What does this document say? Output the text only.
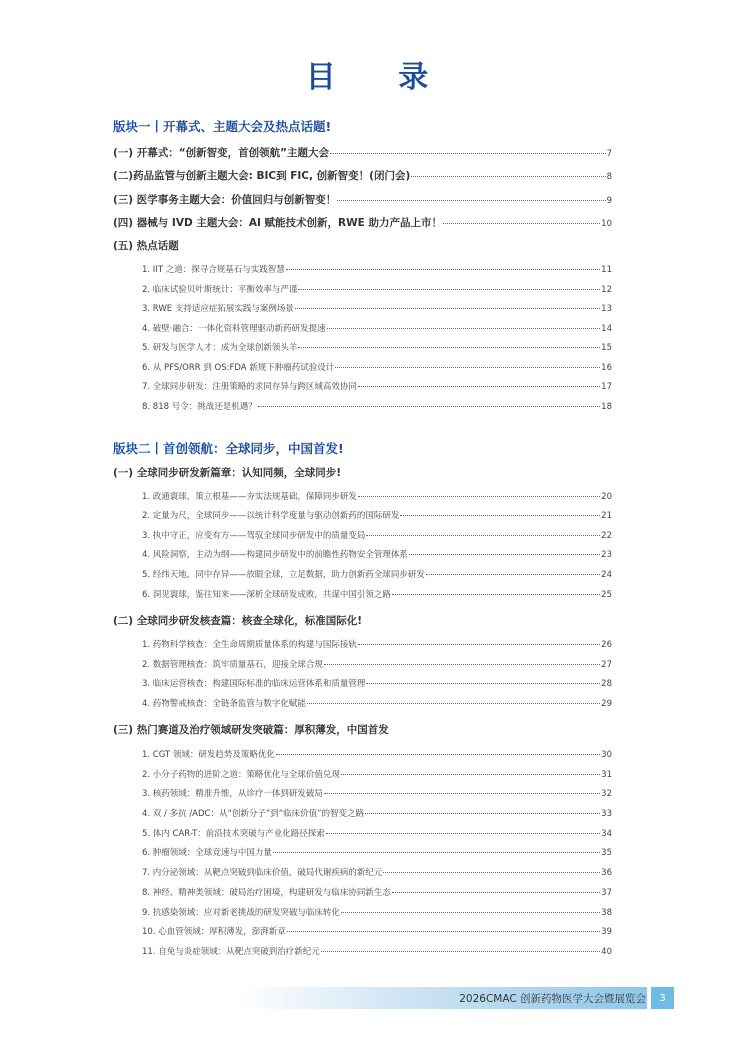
目 录
版块一丨开幕式、主题大会及热点话题!
(一) 开幕式：“创新智变，首创领航”主题大会	7
(二)药品监管与创新主题大会: BIC到 FIC, 创新智变！(闭门会)	8
(三) 医学事务主题大会：价值回归与创新智变！	9
(四) 器械与 IVD 主题大会：AI 赋能技术创新，RWE 助力产品上市！	10
(五) 热点话题
1. IIT 之道：探寻合规基石与实践智慧	11
2. 临床试验贝叶斯统计：平衡效率与严谨	12
3. RWE 支持适应症拓展实践与案例场景	13
4. 破壁·融合：一体化资料管理驱动新药研发提速	14
5. 研发与医学人才：成为全球创新领头羊	15
6. 从 PFS/ORR 到 OS:FDA 新规下肿瘤药试验设计	16
7. 全球同步研发：注册策略的求同存异与跨区域高效协同	17
8. 818 号令：挑战还是机遇？	18
版块二丨首创领航：全球同步，中国首发!
(一) 全球同步研发新篇章：认知同频，全球同步!
1. 政通寰球，策立根基——夯实法规基础，保障同步研发	20
2. 定量为尺，全球同步——以统计科学度量与驱动创新药的国际研发	21
3. 执中守正，应变有方——驾驭全球同步研发中的质量变局	22
4. 风险洞察，主动为纲——构建同步研发中的前瞻性药物安全管理体系	23
5. 经纬天地，同中存异——放眼全球，立足数据，助力创新药全球同步研发	24
6. 洞见寰球，鉴往知来——深析全球研发成败，共谋中国引领之路	25
(二) 全球同步研发核查篇：核查全球化，标准国际化!
1. 药物科学核查：全生命周期质量体系的构建与国际接轨	26
2. 数据管理核查：筑牢质量基石，迎接全球合规	27
3. 临床运营核查：构建国际标准的临床运营体系和质量管理	28
4. 药物警戒核查：全链条监管与数字化赋能	29
(三) 热门赛道及治疗领域研发突破篇：厚积薄发，中国首发
1. CGT 领域：研发趋势及策略优化	30
2. 小分子药物的进阶之道：策略优化与全球价值兑现	31
3. 核药领域：精准升维，从诊疗一体到研发破局	32
4. 双 / 多抗 /ADC：从“创新分子”到“临床价值”的智变之路	33
5. 体内 CAR-T：前沿技术突破与产业化路径探索	34
6. 肿瘤领域：全球竞速与中国力量	35
7. 内分泌领域：从靶点突破到临床价值，破局代谢疾病的新纪元	36
8. 神经、精神类领域：破局治疗困境，构建研发与临床协同新生态	37
9. 抗感染领域：应对新老挑战的研发突破与临床转化	38
10. 心血管领域：厚积薄发，澎湃新章	39
11. 自免与炎症领域：从靶点突破到治疗新纪元	40
2026CMAC 创新药物医学大会暨展览会	3
